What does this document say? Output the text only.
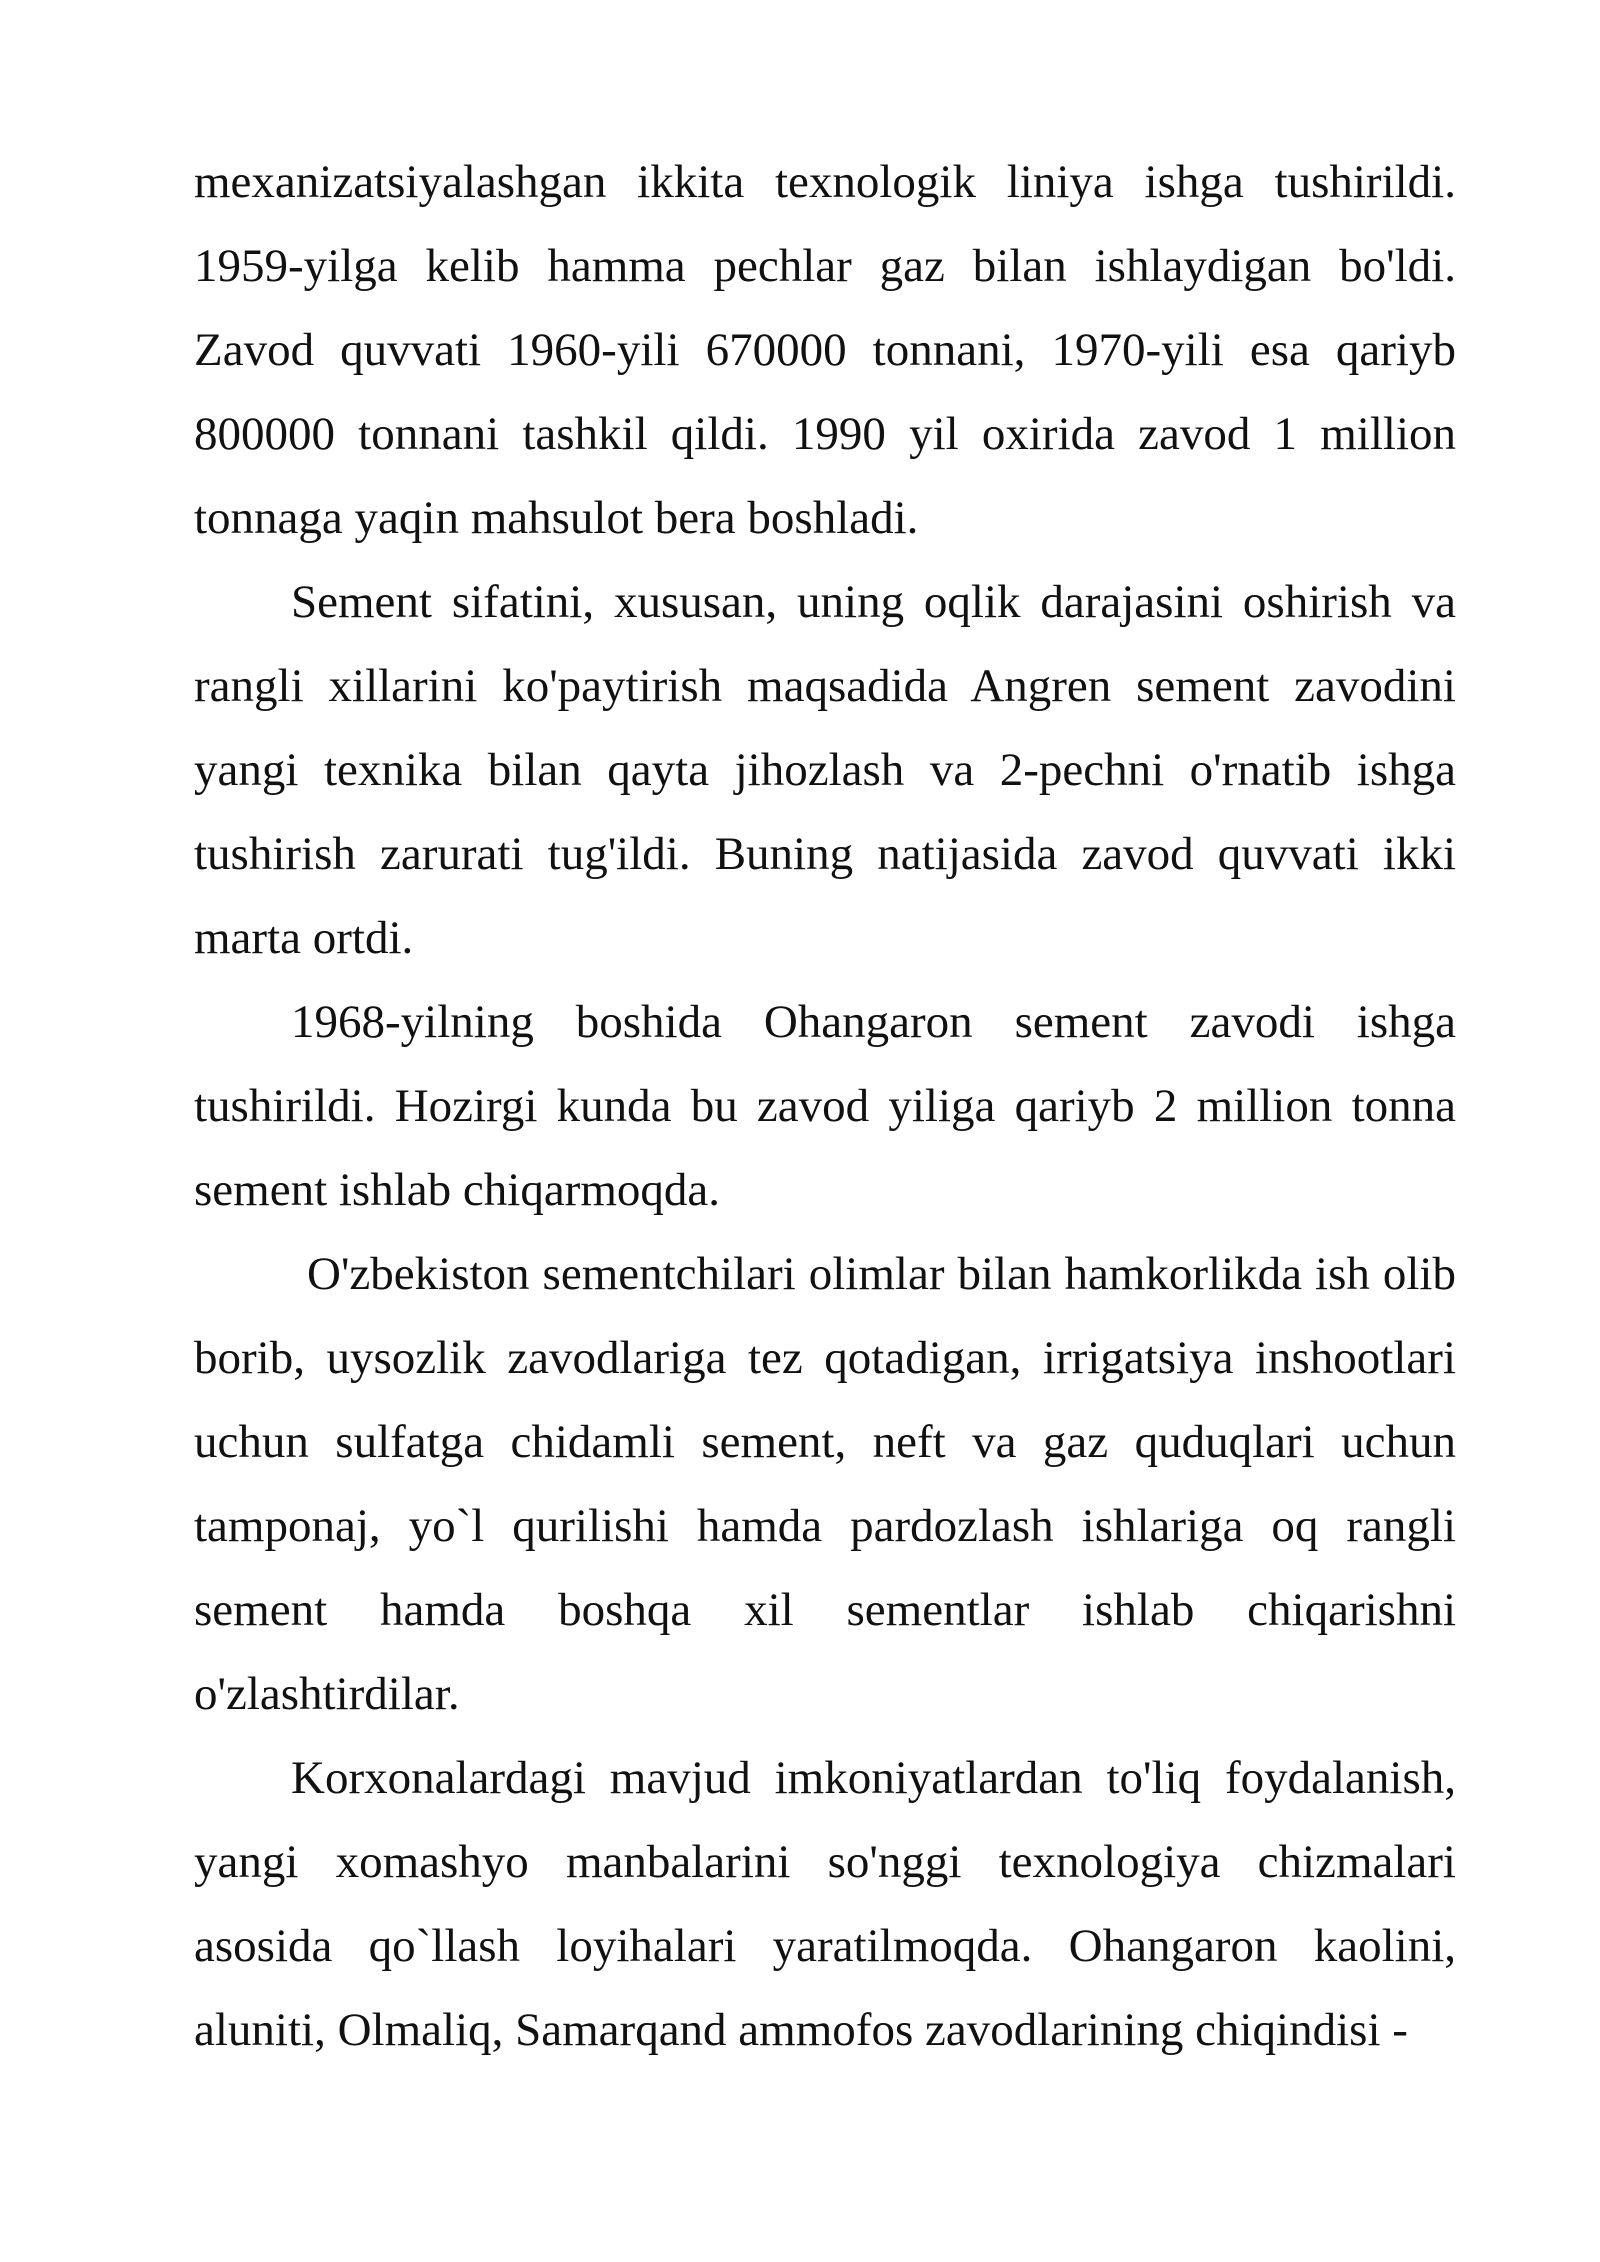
mexanizatsiyalashgan ikkita texnologik liniya ishga tushirildi. 1959-yilga kelib hamma pechlar gaz bilan ishlaydigan bo'ldi. Zavod quvvati 1960-yili 670000 tonnani, 1970-yili esa qariyb 800000 tonnani tashkil qildi. 1990 yil oxirida zavod 1 million tonnaga yaqin mahsulot bera boshladi.

Sement sifatini, xususan, uning oqlik darajasini oshirish va rangli xillarini ko'paytirish maqsadida Angren sement zavodini yangi texnika bilan qayta jihozlash va 2-pechni o'rnatib ishga tushirish zarurati tug'ildi. Buning natijasida zavod quvvati ikki marta ortdi.

1968-yilning boshida Ohangaron sement zavodi ishga tushirildi. Hozirgi kunda bu zavod yiliga qariyb 2 million tonna sement ishlab chiqarmoqda.

O'zbekiston sementchilari olimlar bilan hamkorlikda ish olib borib, uysozlik zavodlariga tez qotadigan, irrigatsiya inshootlari uchun sulfatga chidamli sement, neft va gaz quduqlari uchun tamponaj, yo`l qurilishi hamda pardozlash ishlariga oq rangli sement hamda boshqa xil sementlar ishlab chiqarishni o'zlashtirdilar.

Korxonalardagi mavjud imkoniyatlardan to'liq foydalanish, yangi xomashyo manbalarini so'nggi texnologiya chizmalari asosida qo`llash loyihalari yaratilmoqda. Ohangaron kaolini, aluniti, Olmaliq, Samarqand ammofos zavodlarining chiqindisi -
